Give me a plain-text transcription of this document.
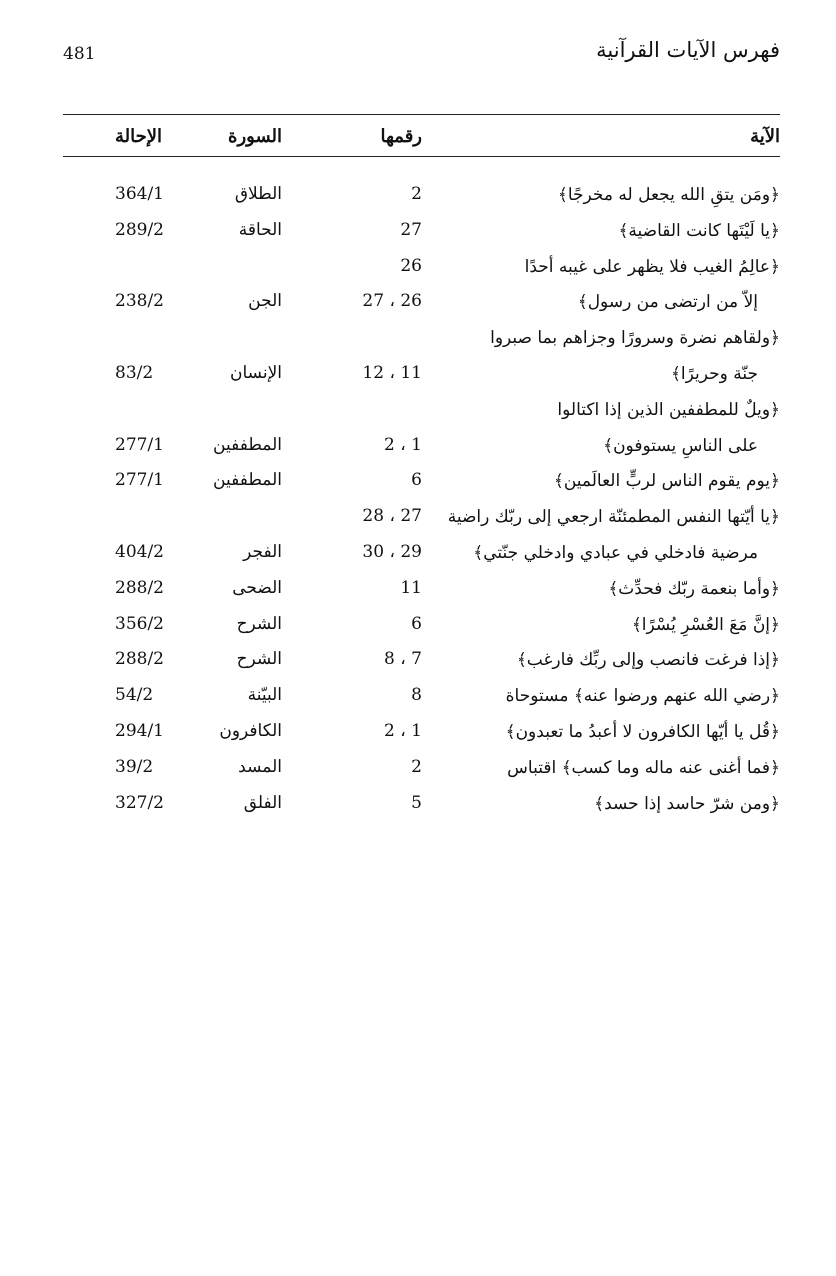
481	فهرس الآيات القرآنية
الآية
رقمها
السورة
الإحالة
﴿ومَن يتقِ الله يجعل له مخرجًا﴾
2
الطلاق
364/1
﴿يا لَيْتَها كانت القاضية﴾
27
الحاقة
289/2
﴿عالِمُ الغيب فلا يظهر على غيبه أحدًا
26
إلاّ من ارتضى من رسول﴾
26 ، 27
الجن
238/2
﴿ولقاهم نضرة وسرورًا وجزاهم بما صبروا
جنّة وحريرًا﴾
11 ، 12
الإنسان
83/2
﴿ويلٌ للمطففين الذين إذا اكتالوا
على الناسِ يستوفون﴾
1 ، 2
المطففين
277/1
﴿يوم يقوم الناس لربٍّ العالَمين﴾
6
المطففين
277/1
﴿يا أيّتها النفس المطمئنّة ارجعي إلى ربّك راضية
27 ، 28
مرضية فادخلي في عبادي وادخلي جنّتي﴾
29 ، 30
الفجر
404/2
﴿وأما بنعمة ربّك فحدِّث﴾
11
الضحى
288/2
﴿إنَّ مَعَ العُسْرِ يُسْرًا﴾
6
الشرح
356/2
﴿إذا فرغت فانصب وإلى ربِّك فارغب﴾
7 ، 8
الشرح
288/2
﴿رضي الله عنهم ورضوا عنه﴾ مستوحاة
8
البيّنة
54/2
﴿قُل يا أيّها الكافرون لا أعبدُ ما تعبدون﴾
1 ، 2
الكافرون
294/1
﴿فما أغنى عنه ماله وما كسب﴾ اقتباس
2
المسد
39/2
﴿ومن شرّ حاسد إذا حسد﴾
5
الفلق
327/2
